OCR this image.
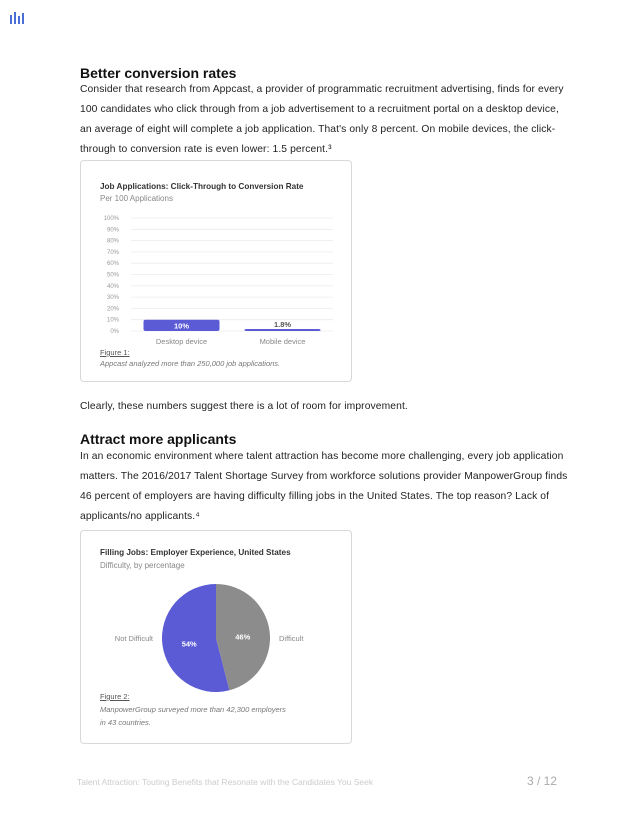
Better conversion rates
Consider that research from Appcast, a provider of programmatic recruitment advertising, finds for every 100 candidates who click through from a job advertisement to a recruitment portal on a desktop device, an average of eight will complete a job application. That's only 8 percent. On mobile devices, the click-through to conversion rate is even lower: 1.5 percent.³
Job Applications: Click-Through to Conversion Rate
Per 100 Applications
0%
10%
20%
30%
40%
50%
60%
70%
80%
90%
100%
10%
Desktop device
1.8%
Mobile device
Figure 1:
Appcast analyzed more than 250,000 job applications.
Clearly, these numbers suggest there is a lot of room for improvement.
Attract more applicants
In an economic environment where talent attraction has become more challenging, every job application matters. The 2016/2017 Talent Shortage Survey from workforce solutions provider ManpowerGroup finds 46 percent of employers are having difficulty filling jobs in the United States. The top reason? Lack of applicants/no applicants.⁴
Filling Jobs: Employer Experience, United States
Difficulty, by percentage
54%
Not Difficult	46%	Difficult
Figure 2:
ManpowerGroup surveyed more than 42,300 employers
in 43 countries.
Talent Attraction: Touting Benefits that Resonate with the Candidates You Seek	3 / 12
